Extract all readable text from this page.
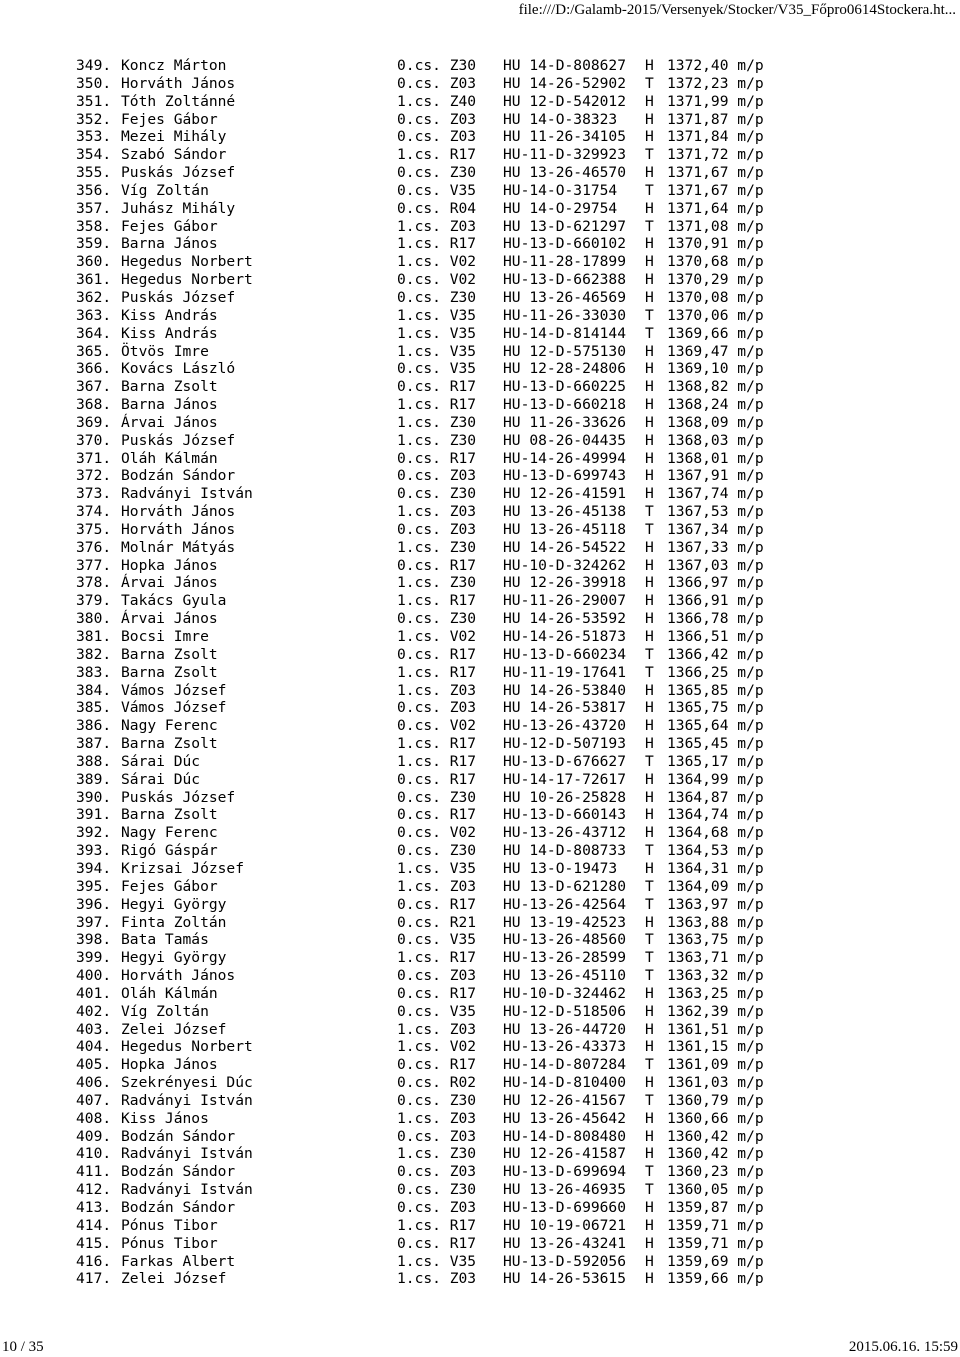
file:///D:/Galamb-2015/Versenyek/Stocker/V35_Főpro0614Stockera.ht...
349. Koncz Márton	0.cs. Z30 HU 14-D-808627 H 1372,40 m/p
350. Horváth János	0.cs. Z03 HU 14-26-52902 T 1372,23 m/p
351. Tóth Zoltánné	1.cs. Z40 HU 12-D-542012 H 1371,99 m/p
352. Fejes Gábor	0.cs. Z03 HU 14-O-38323 H 1371,87 m/p
353. Mezei Mihály	0.cs. Z03 HU 11-26-34105 H 1371,84 m/p
354. Szabó Sándor	1.cs. R17 HU-11-D-329923 T 1371,72 m/p
355. Puskás József	0.cs. Z30 HU 13-26-46570 H 1371,67 m/p
356. Víg Zoltán	0.cs. V35 HU-14-O-31754 T 1371,67 m/p
357. Juhász Mihály	0.cs. R04 HU 14-O-29754 H 1371,64 m/p
358. Fejes Gábor	1.cs. Z03 HU 13-D-621297 T 1371,08 m/p
359. Barna János	1.cs. R17 HU-13-D-660102 H 1370,91 m/p
360. Hegedus Norbert	1.cs. V02 HU-11-28-17899 H 1370,68 m/p
361. Hegedus Norbert	0.cs. V02 HU-13-D-662388 H 1370,29 m/p
362. Puskás József	0.cs. Z30 HU 13-26-46569 H 1370,08 m/p
363. Kiss András	1.cs. V35 HU-11-26-33030 T 1370,06 m/p
364. Kiss András	1.cs. V35 HU-14-D-814144 T 1369,66 m/p
365. Ötvös Imre	1.cs. V35 HU 12-D-575130 H 1369,47 m/p
366. Kovács László	0.cs. V35 HU 12-28-24806 H 1369,10 m/p
367. Barna Zsolt	0.cs. R17 HU-13-D-660225 H 1368,82 m/p
368. Barna János	1.cs. R17 HU-13-D-660218 H 1368,24 m/p
369. Árvai János	1.cs. Z30 HU 11-26-33626 H 1368,09 m/p
370. Puskás József	1.cs. Z30 HU 08-26-04435 H 1368,03 m/p
371. Oláh Kálmán	0.cs. R17 HU-14-26-49994 H 1368,01 m/p
372. Bodzán Sándor	0.cs. Z03 HU-13-D-699743 H 1367,91 m/p
373. Radványi István	0.cs. Z30 HU 12-26-41591 H 1367,74 m/p
374. Horváth János	1.cs. Z03 HU 13-26-45138 T 1367,53 m/p
375. Horváth János	0.cs. Z03 HU 13-26-45118 T 1367,34 m/p
376. Molnár Mátyás	1.cs. Z30 HU 14-26-54522 H 1367,33 m/p
377. Hopka János	0.cs. R17 HU-10-D-324262 H 1367,03 m/p
378. Árvai János	1.cs. Z30 HU 12-26-39918 H 1366,97 m/p
379. Takács Gyula	1.cs. R17 HU-11-26-29007 H 1366,91 m/p
380. Árvai János	0.cs. Z30 HU 14-26-53592 H 1366,78 m/p
381. Bocsi Imre	1.cs. V02 HU-14-26-51873 H 1366,51 m/p
382. Barna Zsolt	0.cs. R17 HU-13-D-660234 T 1366,42 m/p
383. Barna Zsolt	1.cs. R17 HU-11-19-17641 T 1366,25 m/p
384. Vámos József	1.cs. Z03 HU 14-26-53840 H 1365,85 m/p
385. Vámos József	0.cs. Z03 HU 14-26-53817 H 1365,75 m/p
386. Nagy Ferenc	0.cs. V02 HU-13-26-43720 H 1365,64 m/p
387. Barna Zsolt	1.cs. R17 HU-12-D-507193 H 1365,45 m/p
388. Sárai Dúc	1.cs. R17 HU-13-D-676627 T 1365,17 m/p
389. Sárai Dúc	0.cs. R17 HU-14-17-72617 H 1364,99 m/p
390. Puskás József	0.cs. Z30 HU 10-26-25828 H 1364,87 m/p
391. Barna Zsolt	0.cs. R17 HU-13-D-660143 H 1364,74 m/p
392. Nagy Ferenc	0.cs. V02 HU-13-26-43712 H 1364,68 m/p
393. Rigó Gáspár	0.cs. Z30 HU 14-D-808733 T 1364,53 m/p
394. Krizsai József	1.cs. V35 HU 13-O-19473 H 1364,31 m/p
395. Fejes Gábor	1.cs. Z03 HU 13-D-621280 T 1364,09 m/p
396. Hegyi György	0.cs. R17 HU-13-26-42564 T 1363,97 m/p
397. Finta Zoltán	0.cs. R21 HU 13-19-42523 H 1363,88 m/p
398. Bata Tamás	0.cs. V35 HU-13-26-48560 T 1363,75 m/p
399. Hegyi György	1.cs. R17 HU-13-26-28599 T 1363,71 m/p
400. Horváth János	0.cs. Z03 HU 13-26-45110 T 1363,32 m/p
401. Oláh Kálmán	0.cs. R17 HU-10-D-324462 H 1363,25 m/p
402. Víg Zoltán	0.cs. V35 HU-12-D-518506 H 1362,39 m/p
403. Zelei József	1.cs. Z03 HU 13-26-44720 H 1361,51 m/p
404. Hegedus Norbert	1.cs. V02 HU-13-26-43373 H 1361,15 m/p
405. Hopka János	0.cs. R17 HU-14-D-807284 T 1361,09 m/p
406. Szekrényesi Dúc	0.cs. R02 HU-14-D-810400 H 1361,03 m/p
407. Radványi István	0.cs. Z30 HU 12-26-41567 T 1360,79 m/p
408. Kiss János	1.cs. Z03 HU 13-26-45642 H 1360,66 m/p
409. Bodzán Sándor	0.cs. Z03 HU-14-D-808480 H 1360,42 m/p
410. Radványi István	1.cs. Z30 HU 12-26-41587 H 1360,42 m/p
411. Bodzán Sándor	0.cs. Z03 HU-13-D-699694 T 1360,23 m/p
412. Radványi István	0.cs. Z30 HU 13-26-46935 T 1360,05 m/p
413. Bodzán Sándor	0.cs. Z03 HU-13-D-699660 H 1359,87 m/p
414. Pónus Tibor	1.cs. R17 HU 10-19-06721 H 1359,71 m/p
415. Pónus Tibor	0.cs. R17 HU 13-26-43241 H 1359,71 m/p
416. Farkas Albert	1.cs. V35 HU-13-D-592056 H 1359,69 m/p
417. Zelei József	1.cs. Z03 HU 14-26-53615 H 1359,66 m/p
10 / 35	2015.06.16. 15:59
